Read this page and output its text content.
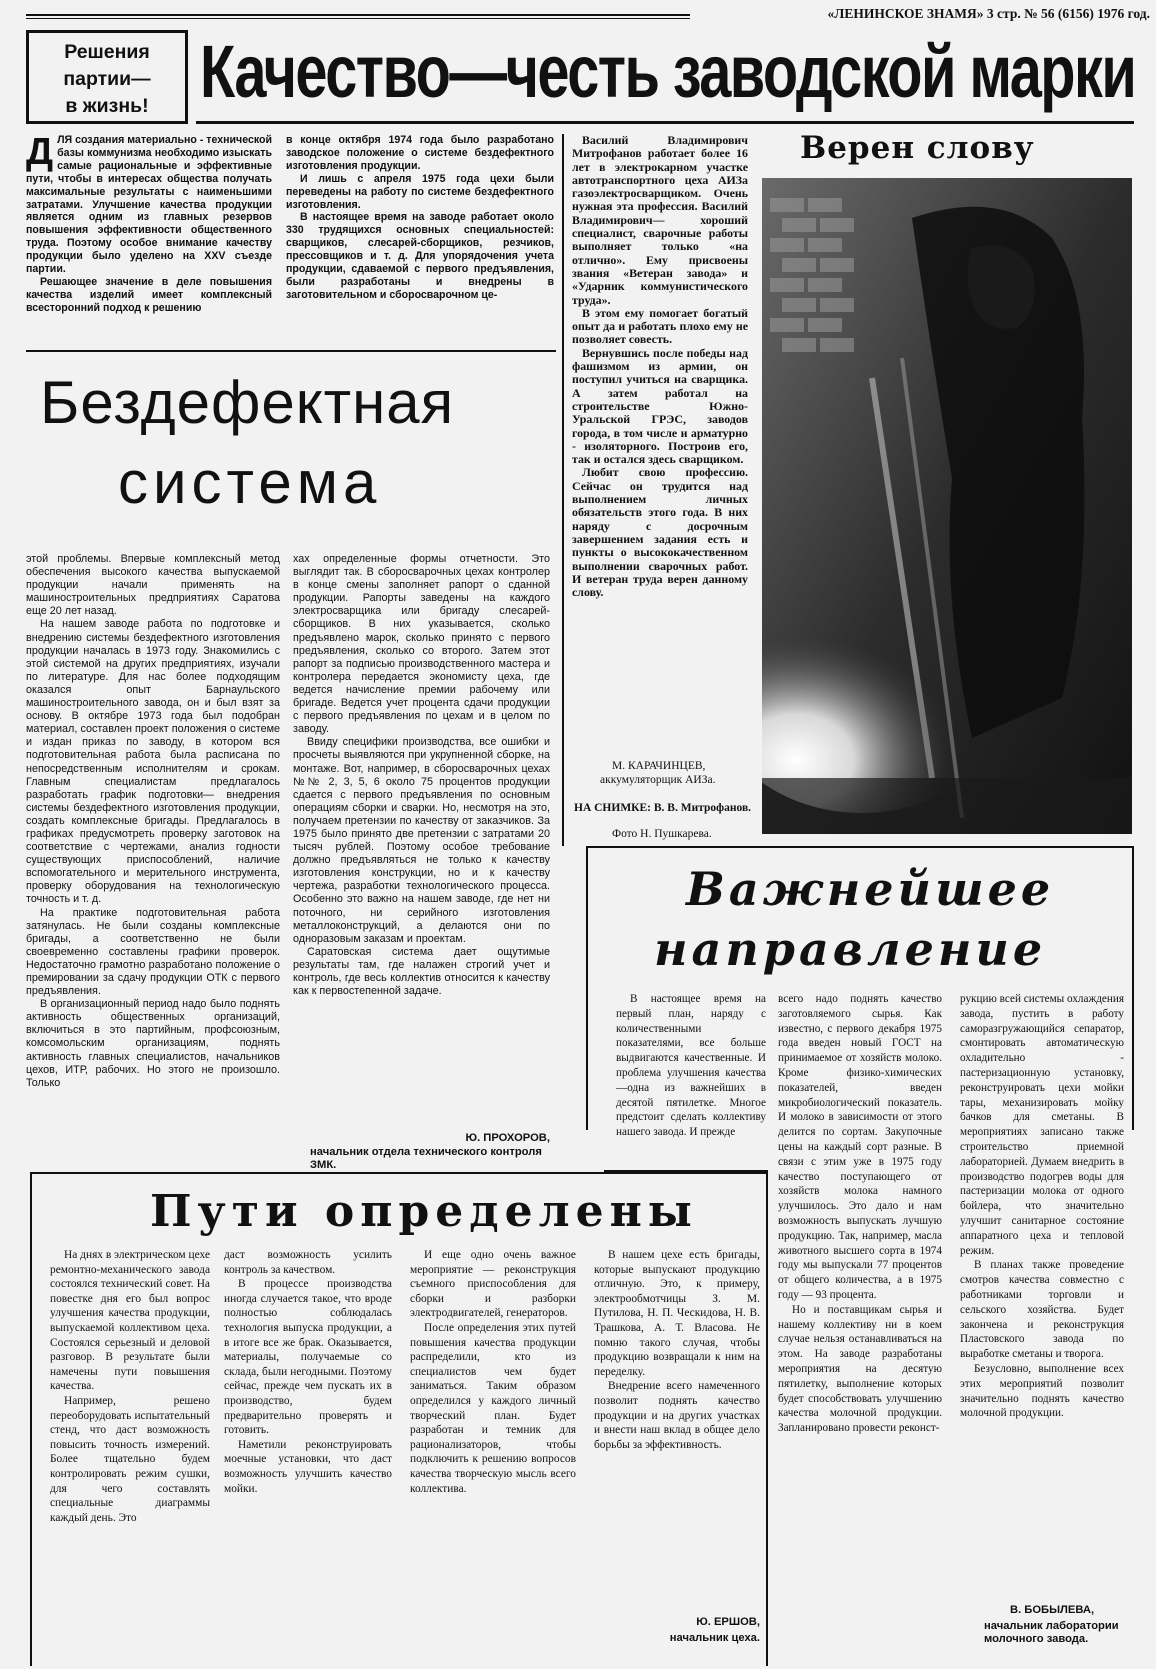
«ЛЕНИНСКОЕ ЗНАМЯ» 3 стр. № 56 (6156) 1976 год.
Решения
партии—
в жизнь! Качество—честь заводской марки

ДЛЯ создания материально - технической базы коммунизма необходимо изыскать самые рациональные и эффективные пути, чтобы в интересах общества получать максимальные результаты с наименьшими затратами. Улучшение качества продукции является одним из главных резервов повышения эффективности общественного труда. Поэтому особое внимание качеству продукции было уделено на XXV съезде партии.

Решающее значение в деле повышения качества изделий имеет комплексный всесторонний подход к решению

в конце октября 1974 года было разработано заводское положение о системе бездефектного изготовления продукции.

И лишь с апреля 1975 года цехи были переведены на работу по системе бездефектного изготовления.

В настоящее время на заводе работает около 330 трудящихся основных специальностей: сварщиков, слесарей-сборщиков, резчиков, прессовщиков и т. д. Для упорядочения учета продукции, сдаваемой с первого предъявления, были разработаны и внедрены в заготовительном и сборосварочном це-

Бездефектная
система

этой проблемы. Впервые комплексный метод обеспечения высокого качества выпускаемой продукции начали применять на машиностроительных предприятиях Саратова еще 20 лет назад.

На нашем заводе работа по подготовке и внедрению системы бездефектного изготовления продукции началась в 1973 году. Знакомились с этой системой на других предприятиях, изучали по литературе. Для нас более подходящим оказался опыт Барнаульского машиностроительного завода, он и был взят за основу. В октябре 1973 года был подобран материал, составлен проект положения о системе и издан приказ по заводу, в котором вся подготовительная работа была расписана по непосредственным исполнителям и срокам. Главным специалистам предлагалось разработать график подготовки— внедрения системы бездефектного изготовления продукции, создать комплексные бригады. Предлагалось в графиках предусмотреть проверку заготовок на соответствие с чертежами, анализ годности существующих приспособлений, наличие вспомогательного и мерительного инструмента, проверку оборудования на технологическую точность и т. д.

На практике подготовительная работа затянулась. Не были созданы комплексные бригады, а соответственно не были своевременно составлены графики проверок. Недостаточно грамотно разработано положение о премировании за сдачу продукции ОТК с первого предъявления.

В организационный период надо было поднять активность общественных организаций, включиться в это партийным, профсоюзным, комсомольским организациям, поднять активность главных специалистов, начальников цехов, ИТР, рабочих. Но этого не произошло. Только

хах определенные формы отчетности. Это выглядит так. В сборосварочных цехах контролер в конце смены заполняет рапорт о сданной продукции. Рапорты заведены на каждого электросварщика или бригаду слесарей-сборщиков. В них указывается, сколько предъявлено марок, сколько принято с первого предъявления, сколько со второго. Затем этот рапорт за подписью производственного мастера и контролера передается экономисту цеха, где ведется начисление премии рабочему или бригаде. Ведется учет процента сдачи продукции с первого предъявления по цехам и в целом по заводу.

Ввиду специфики производства, все ошибки и просчеты выявляются при укрупненной сборке, на монтаже. Вот, например, в сборосварочных цехах №№ 2, 3, 5, 6 около 75 процентов продукции сдается с первого предъявления по основным операциям сборки и сварки. Но, несмотря на это, получаем претензии по качеству от заказчиков. За 1975 было принято две претензии с затратами 20 тысяч рублей. Поэтому особое требование должно предъявляться не только к качеству изготовления конструкции, но и к качеству чертежа, разработки технологического процесса. Особенно это важно на нашем заводе, где нет ни поточного, ни серийного изготовления металлоконструкций, а делаются они по одноразовым заказам и проектам.

Саратовская система дает ощутимые результаты там, где налажен строгий учет и контроль, где весь коллектив относится к качеству как к первостепенной задаче.

Ю. ПРОХОРОВ,
начальник отдела технического контроля ЗМК.
Верен слову

Василий Владимирович Митрофанов работает более 16 лет в электрокарном участке автотранспортного цеха АИЗа газоэлектросварщиком. Очень нужная эта профессия. Василий Владимирович— хороший специалист, сварочные работы выполняет только «на отлично». Ему присвоены звания «Ветеран завода» и «Ударник коммунистического труда».

В этом ему помогает богатый опыт да и работать плохо ему не позволяет совесть.

Вернувшись после победы над фашизмом из армии, он поступил учиться на сварщика. А затем работал на строительстве Южно-Уральской ГРЭС, заводов города, в том числе и арматурно - изоляторного. Построив его, так и остался здесь сварщиком.

Любит свою профессию. Сейчас он трудится над выполнением личных обязательств этого года. В них наряду с досрочным завершением задания есть и пункты о высококачественном выполнении сварочных работ. И ветеран труда верен данному слову.

М. КАРАЧИНЦЕВ,
аккумуляторщик АИЗа.
НА СНИМКЕ: В. В. Митрофанов.
Фото Н. Пушкарева.
Важнейшее
направление

В настоящее время на первый план, наряду с количественными показателями, все больше выдвигаются качественные. И проблема улучшения качества—одна из важнейших в десятой пятилетке. Многое предстоит сделать коллективу нашего завода. И прежде

всего надо поднять качество заготовляемого сырья. Как известно, с первого декабря 1975 года введен новый ГОСТ на принимаемое от хозяйств молоко. Кроме физико-химических показателей, введен микробиологический показатель. И молоко в зависимости от этого делится по сортам. Закупочные цены на каждый сорт разные. В связи с этим уже в 1975 году качество поступающего от хозяйств молока намного улучшилось. Это дало и нам возможность выпускать лучшую продукцию. Так, например, масла животного высшего сорта в 1974 году мы выпускали 77 процентов от общего количества, а в 1975 году — 93 процента.

Но и поставщикам сырья и нашему коллективу ни в коем случае нельзя останавливаться на этом. На заводе разработаны мероприятия на десятую пятилетку, выполнение которых будет способствовать улучшению качества молочной продукции. Запланировано провести реконст-

рукцию всей системы охлаждения завода, пустить в работу саморазгружающийся сепаратор, смонтировать автоматическую охладительно - пастеризационную установку, реконструировать цехи мойки тары, механизировать мойку бачков для сметаны. В мероприятиях записано также строительство приемной лабораторией. Думаем внедрить в производство подогрев воды для пастеризации молока от одного бойлера, что значительно улучшит санитарное состояние аппаратного цеха и тепловой режим.

В планах также проведение смотров качества совместно с работниками торговли и сельского хозяйства. Будет закончена и реконструкция Пластовского завода по выработке сметаны и творога.

Безусловно, выполнение всех этих мероприятий позволит значительно поднять качество молочной продукции.

В. БОБЫЛЕВА,
начальник лаборатории молочного завода.
Пути определены

На днях в электрическом цехе ремонтно-механического завода состоялся технический совет. На повестке дня его был вопрос улучшения качества продукции, выпускаемой коллективом цеха. Состоялся серьезный и деловой разговор. В результате были намечены пути повышения качества.

Например, решено переоборудовать испытательный стенд, что даст возможность повысить точность измерений. Более тщательно будем контролировать режим сушки, для чего составлять специальные диаграммы каждый день. Это

даст возможность усилить контроль за качеством.

В процессе производства иногда случается такое, что вроде полностью соблюдалась технология выпуска продукции, а в итоге все же брак. Оказывается, материалы, получаемые со склада, были негодными. Поэтому сейчас, прежде чем пускать их в производство, будем предварительно проверять и готовить.

Наметили реконструировать моечные установки, что даст возможность улучшить качество мойки.

И еще одно очень важное мероприятие — реконструкция съемного приспособления для сборки и разборки электродвигателей, генераторов.

После определения этих путей повышения качества продукции распределили, кто из специалистов чем будет заниматься. Таким образом определился у каждого личный творческий план. Будет разработан и темник для рационализаторов, чтобы подключить к решению вопросов качества творческую мысль всего коллектива.

В нашем цехе есть бригады, которые выпускают продукцию отличную. Это, к примеру, электрообмотчицы З. М. Путилова, Н. П. Ческидова, Н. В. Трашкова, А. Т. Власова. Не помню такого случая, чтобы продукцию возвращали к ним на переделку.

Внедрение всего намеченного позволит поднять качество продукции и на других участках и внести наш вклад в общее дело борьбы за эффективность.

Ю. ЕРШОВ,
начальник цеха.
